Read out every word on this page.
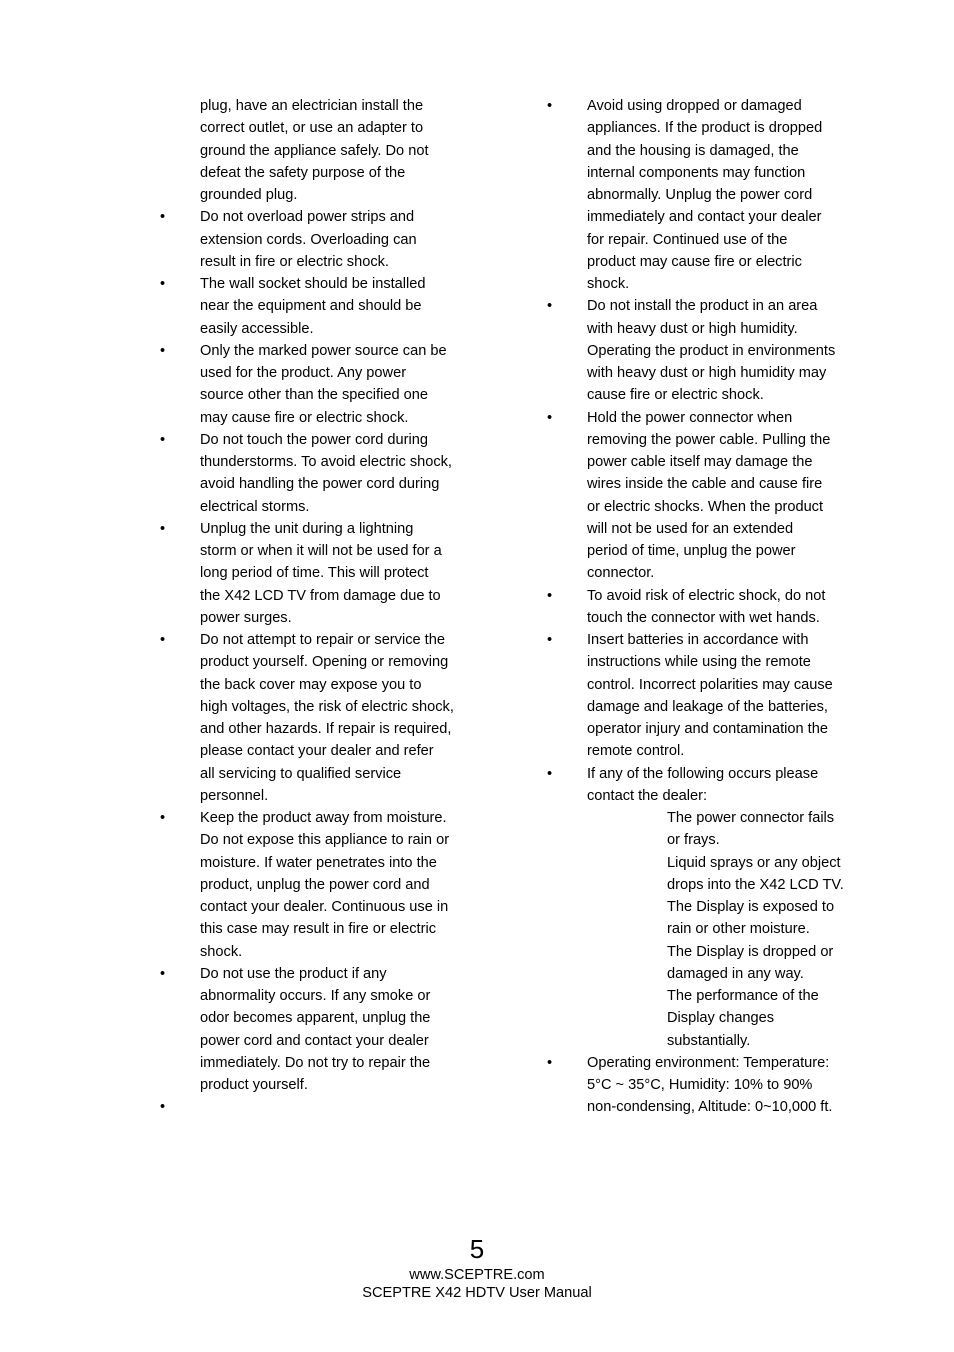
plug, have an electrician install the
correct outlet, or use an adapter to
ground the appliance safely. Do not
defeat the safety purpose of the
grounded plug.
•	Do not overload power strips and
extension cords. Overloading can
result in fire or electric shock.
•	The wall socket should be installed
near the equipment and should be
easily accessible.
•	Only the marked power source can be
used for the product. Any power
source other than the specified one
may cause fire or electric shock.
•	Do not touch the power cord during
thunderstorms. To avoid electric shock,
avoid handling the power cord during
electrical storms.
•	Unplug the unit during a lightning
storm or when it will not be used for a
long period of time. This will protect
the X42 LCD TV from damage due to
power surges.
•	Do not attempt to repair or service the
product yourself. Opening or removing
the back cover may expose you to
high voltages, the risk of electric shock,
and other hazards. If repair is required,
please contact your dealer and refer
all servicing to qualified service
personnel.
•	Keep the product away from moisture.
Do not expose this appliance to rain or
moisture. If water penetrates into the
product, unplug the power cord and
contact your dealer. Continuous use in
this case may result in fire or electric
shock.
•	Do not use the product if any
abnormality occurs. If any smoke or
odor becomes apparent, unplug the
power cord and contact your dealer
immediately. Do not try to repair the
product yourself.
•
•	Avoid using dropped or damaged
appliances. If the product is dropped
and the housing is damaged, the
internal components may function
abnormally. Unplug the power cord
immediately and contact your dealer
for repair. Continued use of the
product may cause fire or electric
shock.
•	Do not install the product in an area
with heavy dust or high humidity.
Operating the product in environments
with heavy dust or high humidity may
cause fire or electric shock.
•	Hold the power connector when
removing the power cable. Pulling the
power cable itself may damage the
wires inside the cable and cause fire
or electric shocks. When the product
will not be used for an extended
period of time, unplug the power
connector.
•	To avoid risk of electric shock, do not
touch the connector with wet hands.
•	Insert batteries in accordance with
instructions while using the remote
control. Incorrect polarities may cause
damage and leakage of the batteries,
operator injury and contamination the
remote control.
•	If any of the following occurs please
contact the dealer:
The power connector fails
or frays.
Liquid sprays or any object
drops into the X42 LCD TV.
The Display is exposed to
rain or other moisture.
The Display is dropped or
damaged in any way.
The performance of the
Display changes
substantially.
•	Operating environment: Temperature:
5°C ~ 35°C, Humidity: 10% to 90%
non-condensing, Altitude: 0~10,000 ft.
5
www.SCEPTRE.com
SCEPTRE X42 HDTV User Manual
